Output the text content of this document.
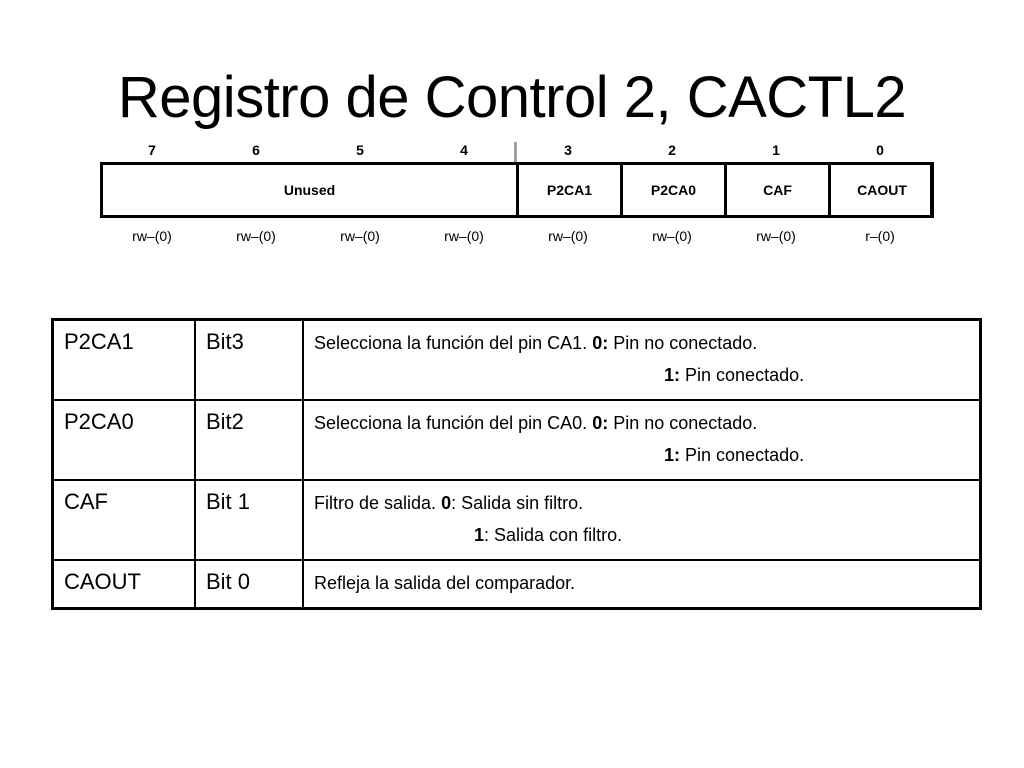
Registro de Control 2, CACTL2
7	6	5	4	3	2	1	0
Unused	P2CA1	P2CA0	CAF	CAOUT
rw–(0)	rw–(0)	rw–(0)	rw–(0)	rw–(0)	rw–(0)	rw–(0)	r–(0)
P2CA1	Bit3	Selecciona la función del pin CA1. 0: Pin no conectado.
1: Pin conectado.

P2CA0	Bit2	Selecciona la función del pin CA0. 0: Pin no conectado.
1: Pin conectado.

CAF	Bit 1	Filtro de salida. 0: Salida sin filtro.
1: Salida con filtro.

CAOUT	Bit 0	Refleja la salida del comparador.
